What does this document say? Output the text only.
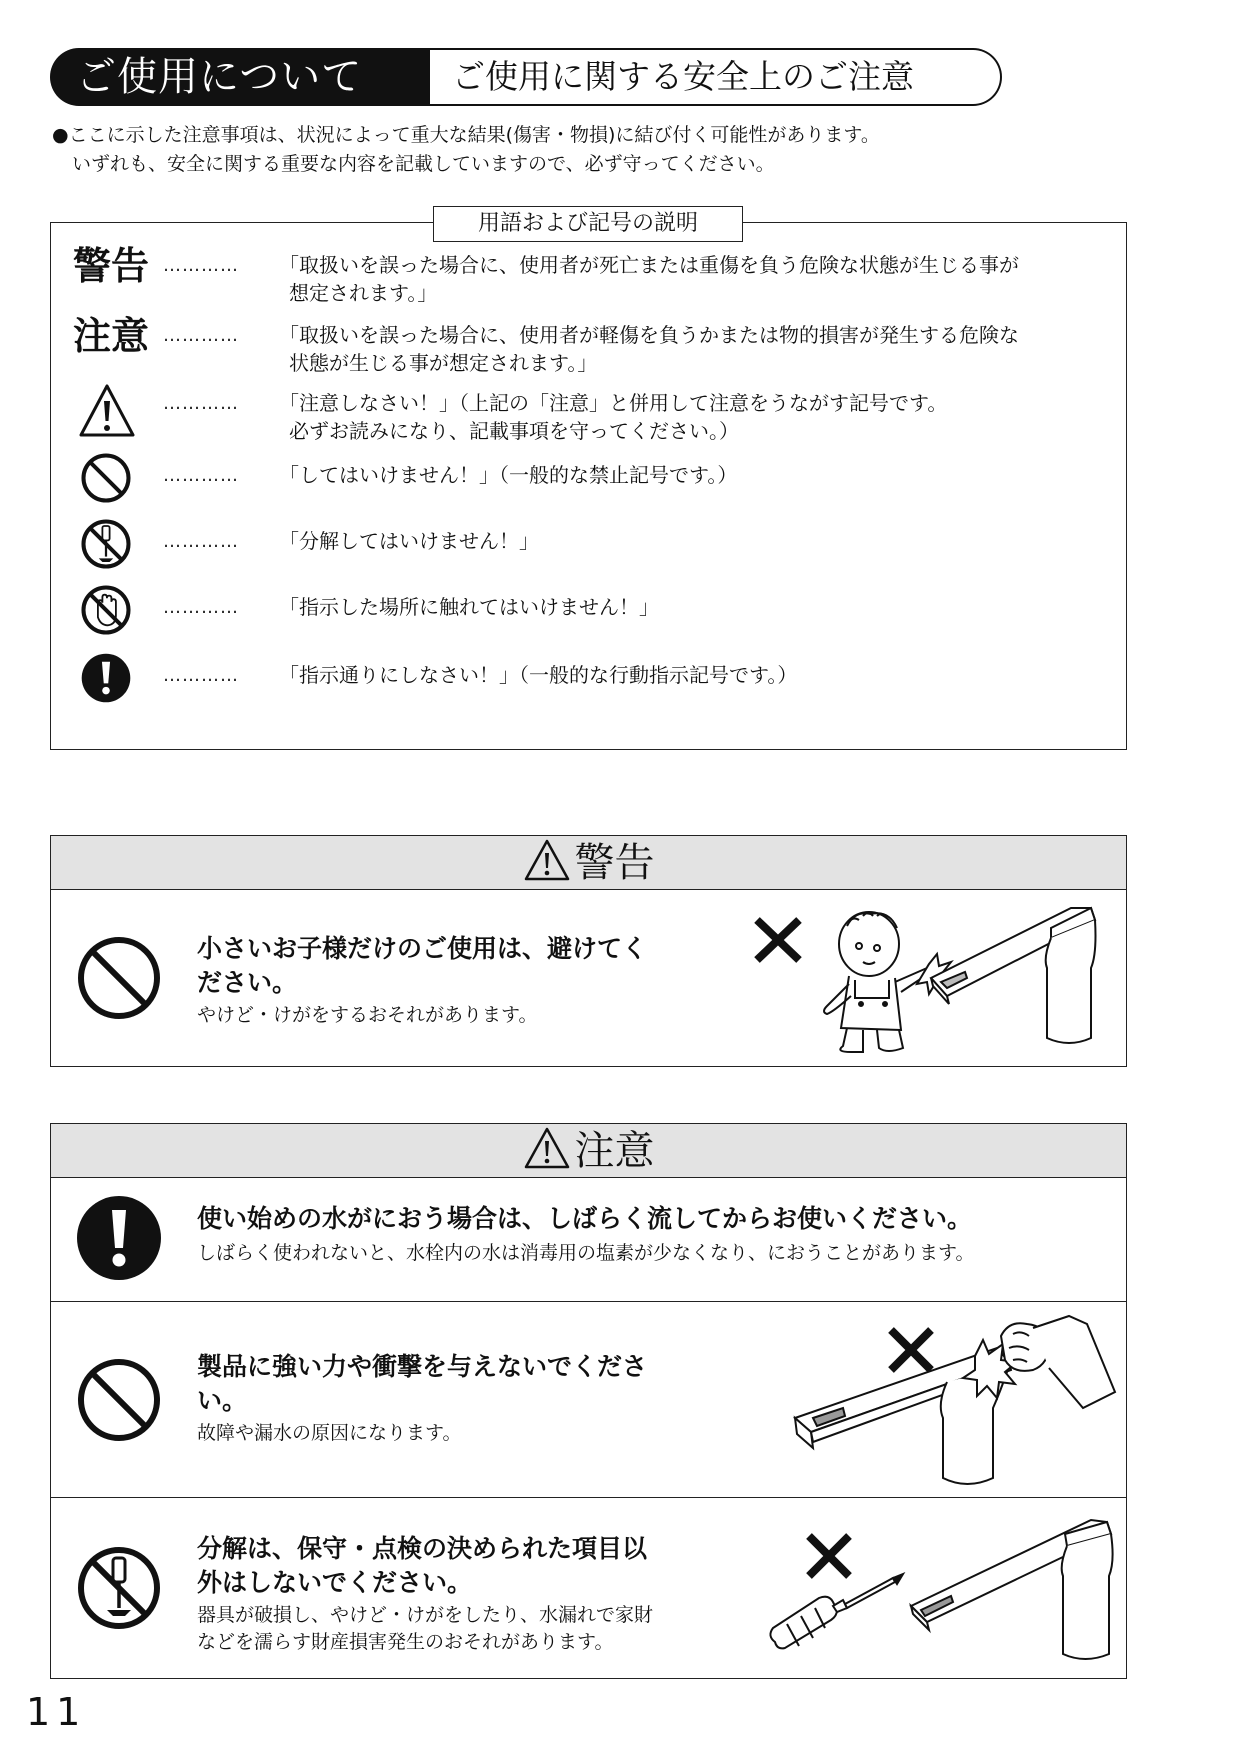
ご使用について	ご使用に関する安全上のご注意
●ここに示した注意事項は、状況によって重大な結果(傷害・物損)に結び付く可能性があります。
いずれも、安全に関する重要な内容を記載していますので、必ず守ってください。
用語および記号の説明
警告 ………… 「取扱いを誤った場合に、使用者が死亡または重傷を負う危険な状態が生じる事が
想定されます。」
注意 ………… 「取扱いを誤った場合に、使用者が軽傷を負うかまたは物的損害が発生する危険な
状態が生じる事が想定されます。」
………… 「注意しなさい！」（上記の「注意」と併用して注意をうながす記号です。
必ずお読みになり、記載事項を守ってください。）
………… 「してはいけません！」（一般的な禁止記号です。）
………… 「分解してはいけません！」
………… 「指示した場所に触れてはいけません！」
………… 「指示通りにしなさい！」（一般的な行動指示記号です。）
警告
小さいお子様だけのご使用は、避けてく
ださい。
やけど・けがをするおそれがあります。
注意
使い始めの水がにおう場合は、しばらく流してからお使いください。
しばらく使われないと、水栓内の水は消毒用の塩素が少なくなり、におうことがあります。
製品に強い力や衝撃を与えないでくださ
い。
故障や漏水の原因になります。
分解は、保守・点検の決められた項目以
外はしないでください。
器具が破損し、やけど・けがをしたり、水漏れで家財
などを濡らす財産損害発生のおそれがあります。
11
